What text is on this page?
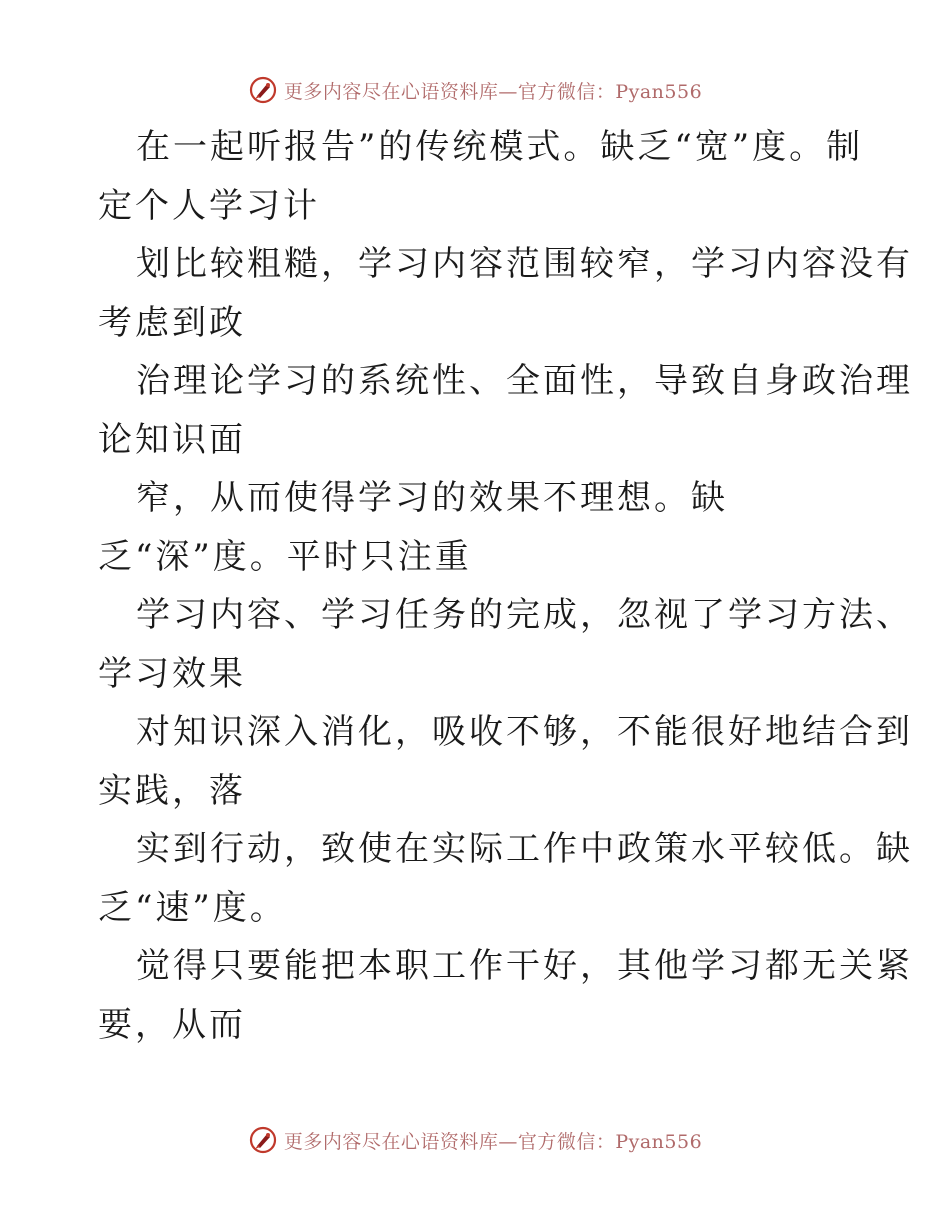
更多内容尽在心语资料库—官方微信：Pyan556
在一起听报告”的传统模式。缺乏“宽”度。制
定个人学习计
划比较粗糙，学习内容范围较窄，学习内容没有
考虑到政
治理论学习的系统性、全面性，导致自身政治理
论知识面
窄，从而使得学习的效果不理想。缺
乏“深”度。平时只注重
学习内容、学习任务的完成，忽视了学习方法、
学习效果
对知识深入消化，吸收不够，不能很好地结合到
实践，落
实到行动，致使在实际工作中政策水平较低。缺
乏“速”度。
觉得只要能把本职工作干好，其他学习都无关紧
要，从而
更多内容尽在心语资料库—官方微信：Pyan556
